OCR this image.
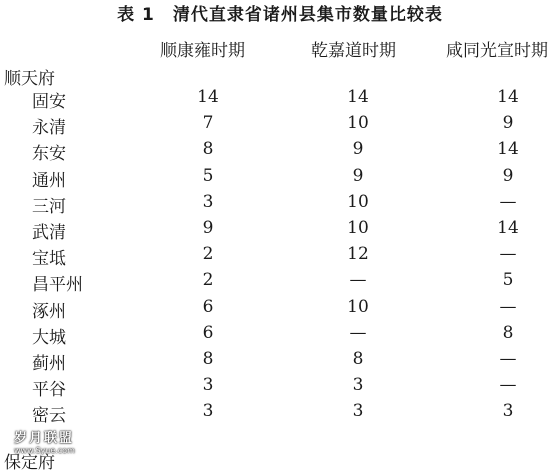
表 1 清代直隶省诸州县集市数量比较表
顺康雍时期	乾嘉道时期	咸同光宣时期
顺天府
固安	14	14	14
永清	7	10	9
东安	8	9	14
通州	5	9	9
三河	3	10	—
武清	9	10	14
宝坻	2	12	—
昌平州	2	—	5
涿州	6	10	—
大城	6	—	8
蓟州	8	8	—
平谷	3	3	—
密云	3	3	3
保定府
岁月联盟
www.Syue.com
